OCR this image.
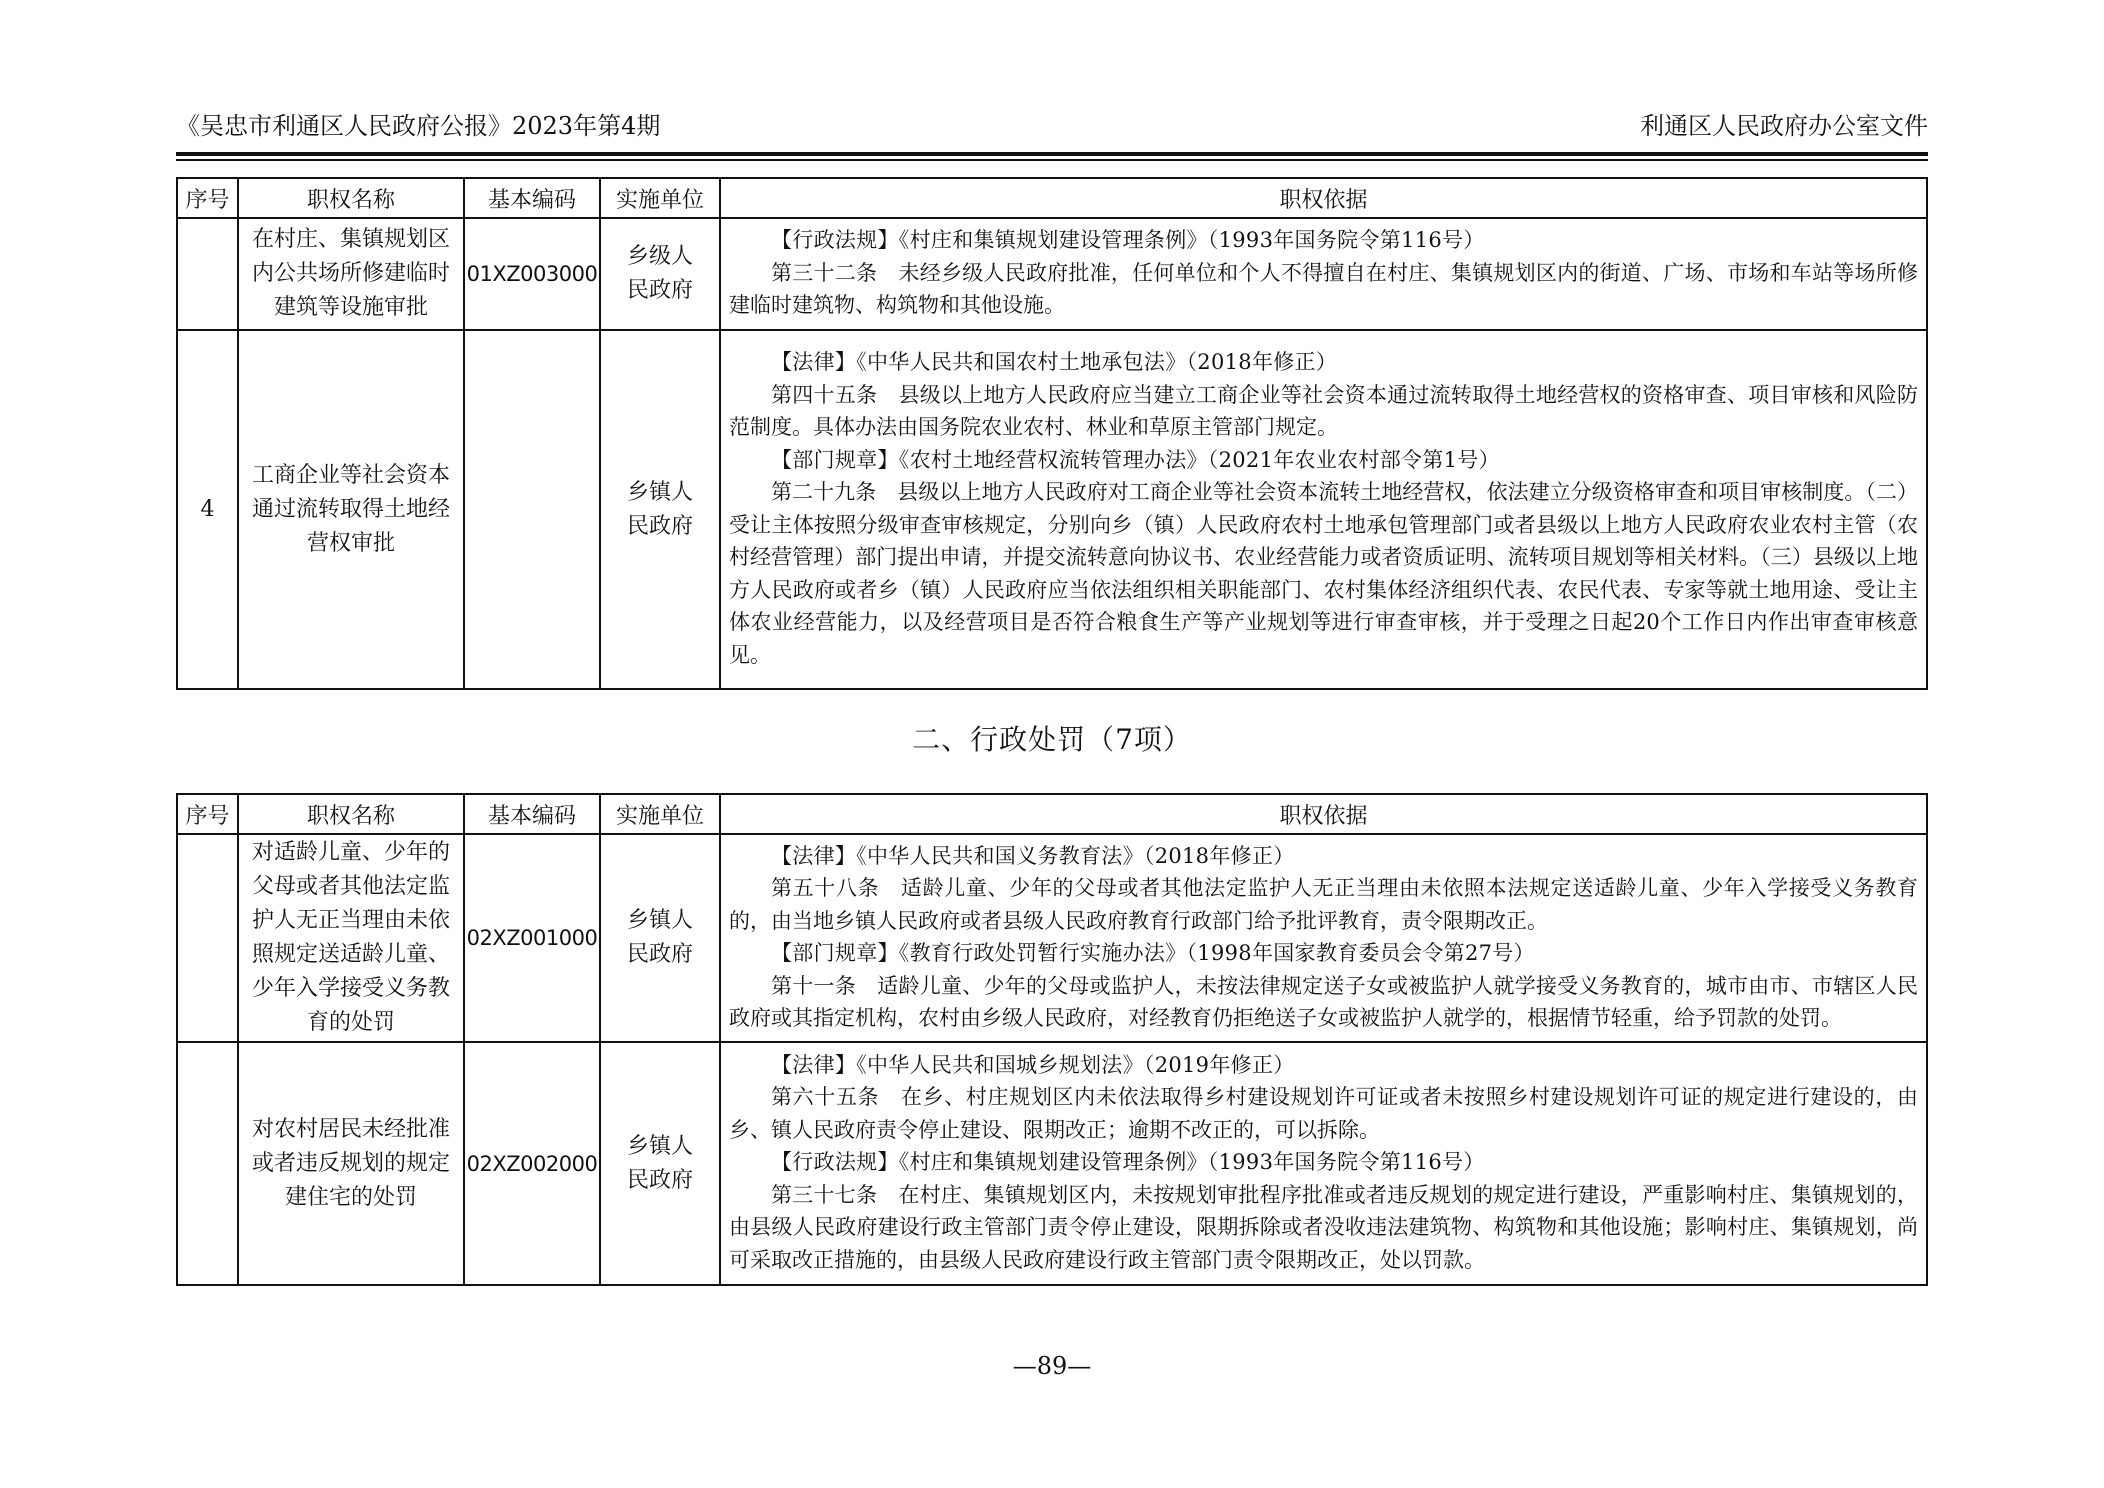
《吴忠市利通区人民政府公报》2023年第4期	利通区人民政府办公室文件
序号	职权名称	基本编码	实施单位	职权依据
	在村庄、集镇规划区内公共场所修建临时建筑等设施审批	01XZ003000	乡级人民政府	【行政法规】《村庄和集镇规划建设管理条例》（1993年国务院令第116号）

第三十二条　未经乡级人民政府批准，任何单位和个人不得擅自在村庄、集镇规划区内的街道、广场、市场和车站等场所修建临时建筑物、构筑物和其他设施。

4	工商企业等社会资本通过流转取得土地经营权审批		乡镇人民政府	【法律】《中华人民共和国农村土地承包法》（2018年修正）

第四十五条　县级以上地方人民政府应当建立工商企业等社会资本通过流转取得土地经营权的资格审查、项目审核和风险防范制度。具体办法由国务院农业农村、林业和草原主管部门规定。

【部门规章】《农村土地经营权流转管理办法》（2021年农业农村部令第1号）

第二十九条　县级以上地方人民政府对工商企业等社会资本流转土地经营权，依法建立分级资格审查和项目审核制度。（二）受让主体按照分级审查审核规定，分别向乡（镇）人民政府农村土地承包管理部门或者县级以上地方人民政府农业农村主管（农村经营管理）部门提出申请，并提交流转意向协议书、农业经营能力或者资质证明、流转项目规划等相关材料。（三）县级以上地方人民政府或者乡（镇）人民政府应当依法组织相关职能部门、农村集体经济组织代表、农民代表、专家等就土地用途、受让主体农业经营能力，以及经营项目是否符合粮食生产等产业规划等进行审查审核，并于受理之日起20个工作日内作出审查审核意见。

二、行政处罚（7项）
序号	职权名称	基本编码	实施单位	职权依据
	对适龄儿童、少年的父母或者其他法定监护人无正当理由未依照规定送适龄儿童、少年入学接受义务教育的处罚	02XZ001000	乡镇人民政府	【法律】《中华人民共和国义务教育法》（2018年修正）

第五十八条　适龄儿童、少年的父母或者其他法定监护人无正当理由未依照本法规定送适龄儿童、少年入学接受义务教育的，由当地乡镇人民政府或者县级人民政府教育行政部门给予批评教育，责令限期改正。

【部门规章】《教育行政处罚暂行实施办法》（1998年国家教育委员会令第27号）

第十一条　适龄儿童、少年的父母或监护人，未按法律规定送子女或被监护人就学接受义务教育的，城市由市、市辖区人民政府或其指定机构，农村由乡级人民政府，对经教育仍拒绝送子女或被监护人就学的，根据情节轻重，给予罚款的处罚。

	对农村居民未经批准或者违反规划的规定建住宅的处罚	02XZ002000	乡镇人民政府	【法律】《中华人民共和国城乡规划法》（2019年修正）

第六十五条　在乡、村庄规划区内未依法取得乡村建设规划许可证或者未按照乡村建设规划许可证的规定进行建设的，由乡、镇人民政府责令停止建设、限期改正；逾期不改正的，可以拆除。

【行政法规】《村庄和集镇规划建设管理条例》（1993年国务院令第116号）

第三十七条　在村庄、集镇规划区内，未按规划审批程序批准或者违反规划的规定进行建设，严重影响村庄、集镇规划的，由县级人民政府建设行政主管部门责令停止建设，限期拆除或者没收违法建筑物、构筑物和其他设施；影响村庄、集镇规划，尚可采取改正措施的，由县级人民政府建设行政主管部门责令限期改正，处以罚款。

—89—
